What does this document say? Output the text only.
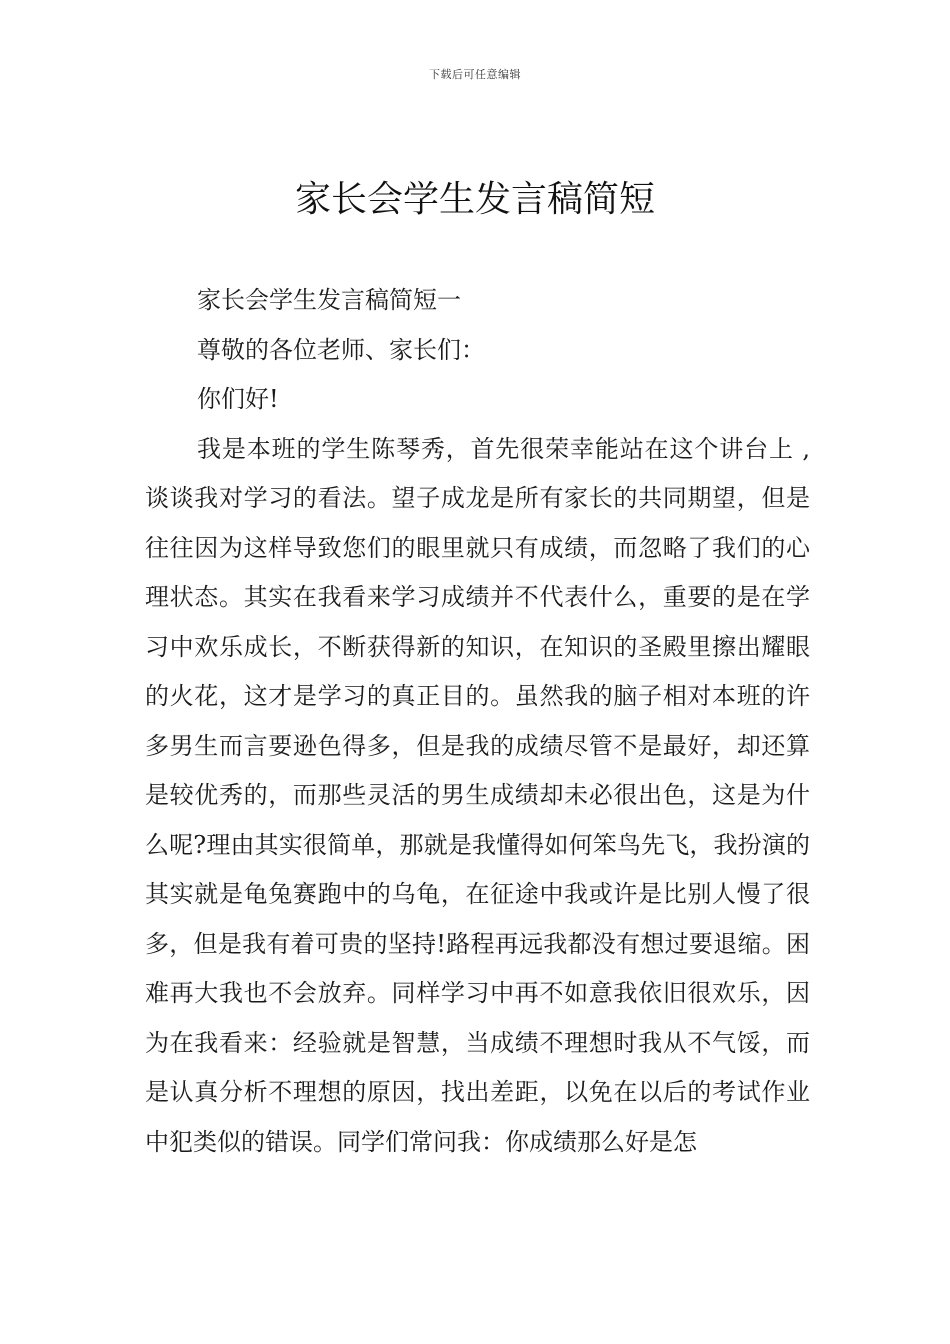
下载后可任意编辑
家长会学生发言稿简短

家长会学生发言稿简短一

尊敬的各位老师、家长们：

你们好!

我是本班的学生陈琴秀，首先很荣幸能站在这个讲台上 ,谈谈我对学习的看法。望子成龙是所有家长的共同期望，但是往往因为这样导致您们的眼里就只有成绩，而忽略了我们的心理状态。其实在我看来学习成绩并不代表什么，重要的是在学习中欢乐成长，不断获得新的知识，在知识的圣殿里擦出耀眼的火花，这才是学习的真正目的。虽然我的脑子相对本班的许多男生而言要逊色得多，但是我的成绩尽管不是最好，却还算是较优秀的，而那些灵活的男生成绩却未必很出色，这是为什么呢?理由其实很简单，那就是我懂得如何笨鸟先飞，我扮演的其实就是龟兔赛跑中的乌龟，在征途中我或许是比别人慢了很多，但是我有着可贵的坚持!路程再远我都没有想过要退缩。困难再大我也不会放弃。同样学习中再不如意我依旧很欢乐，因为在我看来：经验就是智慧，当成绩不理想时我从不气馁，而是认真分析不理想的原因，找出差距，以免在以后的考试作业中犯类似的错误。同学们常问我：你成绩那么好是怎
